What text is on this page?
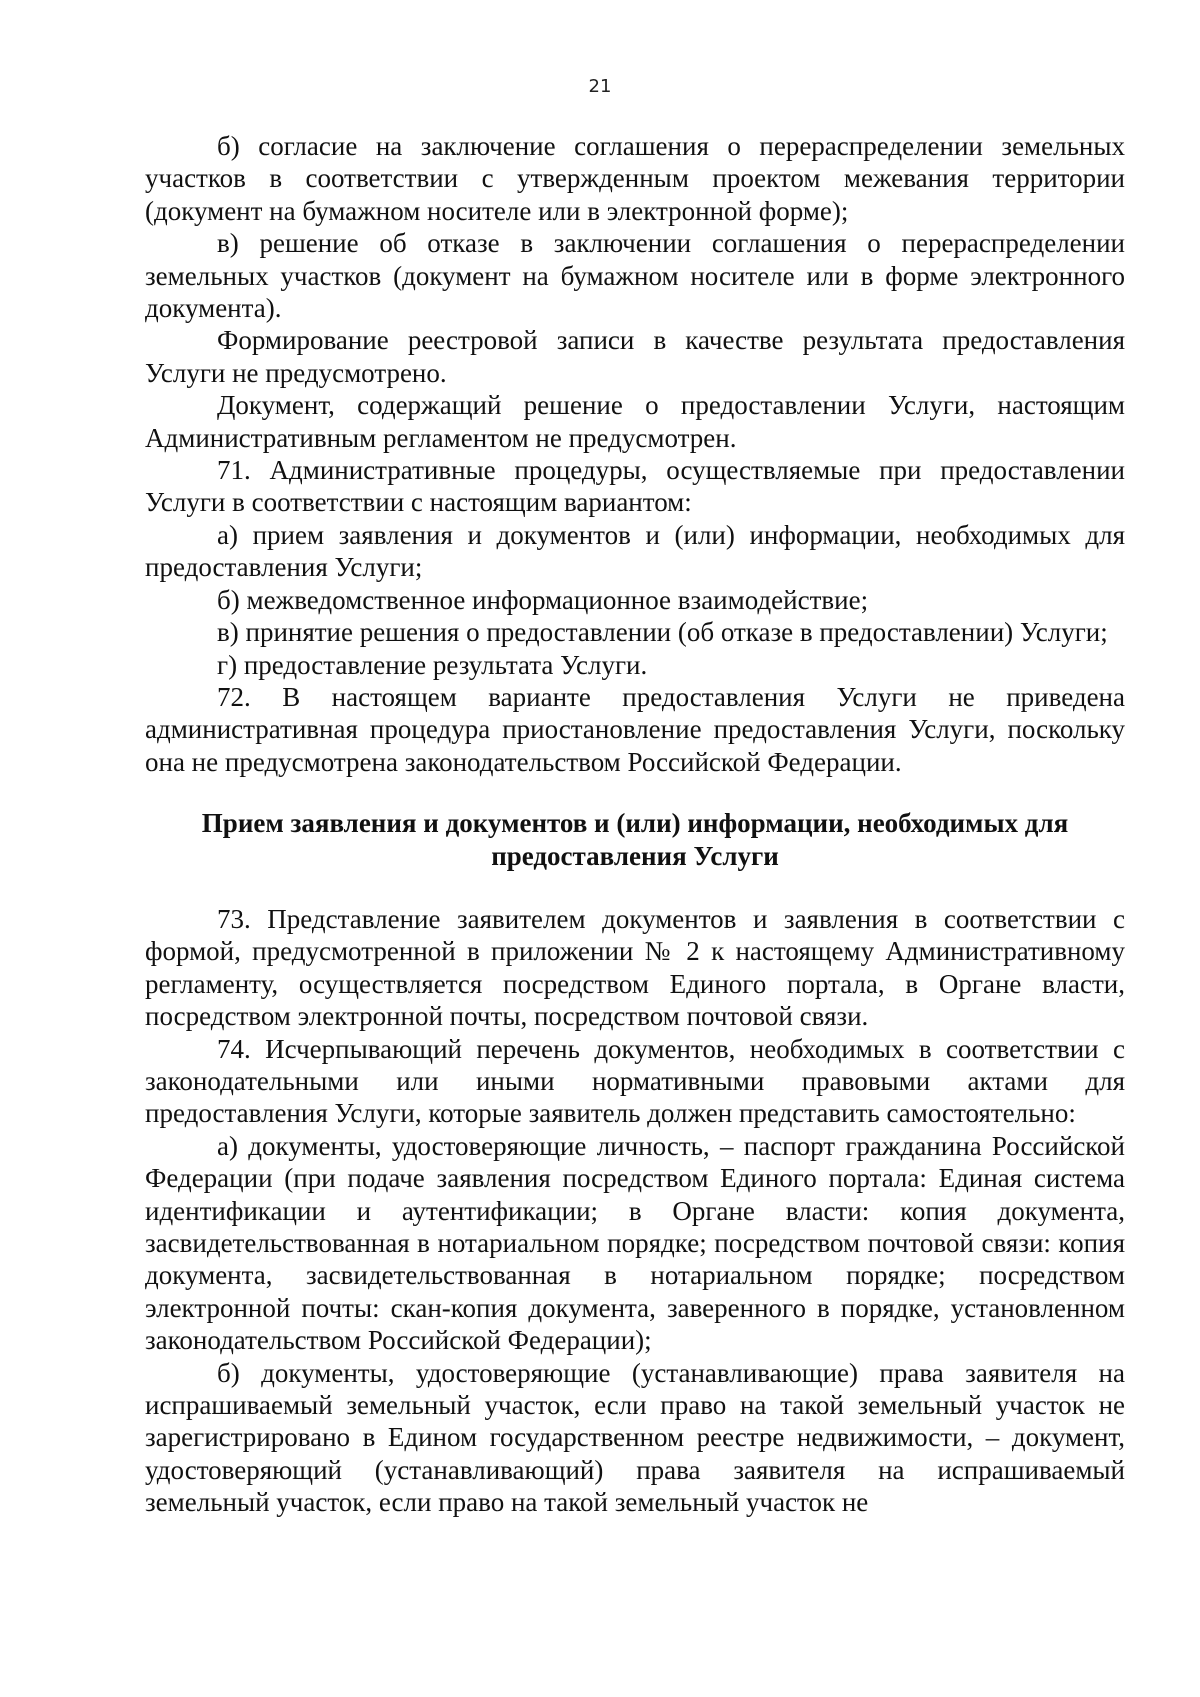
21

б) согласие на заключение соглашения о перераспределении земельных участков в соответствии с утвержденным проектом межевания территории (документ на бумажном носителе или в электронной форме);

в) решение об отказе в заключении соглашения о перераспределении земельных участков (документ на бумажном носителе или в форме электронного документа).

Формирование реестровой записи в качестве результата предоставления Услуги не предусмотрено.

Документ, содержащий решение о предоставлении Услуги, настоящим Административным регламентом не предусмотрен.

71. Административные процедуры, осуществляемые при предоставлении Услуги в соответствии с настоящим вариантом:

а) прием заявления и документов и (или) информации, необходимых для предоставления Услуги;

б) межведомственное информационное взаимодействие;

в) принятие решения о предоставлении (об отказе в предоставлении) Услуги;

г) предоставление результата Услуги.

72. В настоящем варианте предоставления Услуги не приведена административная процедура приостановление предоставления Услуги, поскольку она не предусмотрена законодательством Российской Федерации.

Прием заявления и документов и (или) информации, необходимых для предоставления Услуги

73. Представление заявителем документов и заявления в соответствии с формой, предусмотренной в приложении № 2 к настоящему Административному регламенту, осуществляется посредством Единого портала, в Органе власти, посредством электронной почты, посредством почтовой связи.

74. Исчерпывающий перечень документов, необходимых в соответствии с законодательными или иными нормативными правовыми актами для предоставления Услуги, которые заявитель должен представить самостоятельно:

а) документы, удостоверяющие личность, – паспорт гражданина Российской Федерации (при подаче заявления посредством Единого портала: Единая система идентификации и аутентификации; в Органе власти: копия документа, засвидетельствованная в нотариальном порядке; посредством почтовой связи: копия документа, засвидетельствованная в нотариальном порядке; посредством электронной почты: скан-копия документа, заверенного в порядке, установленном законодательством Российской Федерации);

б) документы, удостоверяющие (устанавливающие) права заявителя на испрашиваемый земельный участок, если право на такой земельный участок не зарегистрировано в Едином государственном реестре недвижимости, – документ, удостоверяющий (устанавливающий) права заявителя на испрашиваемый земельный участок, если право на такой земельный участок не
